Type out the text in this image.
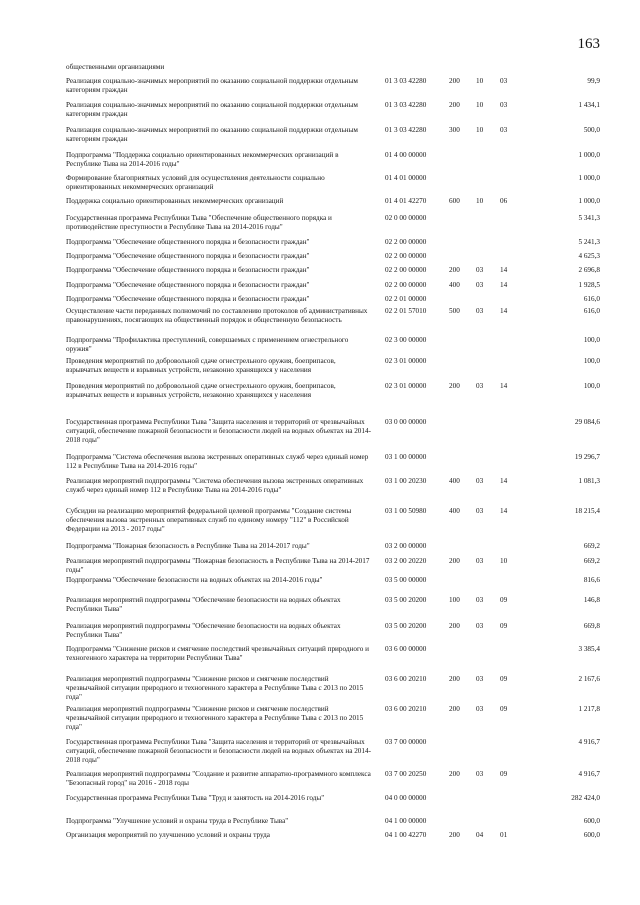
163
общественными организациями
Реализация социально-значимых мероприятий по оказанию социальной поддержки отдельным категориям граждан
01 3 03 42280	200	10	03	99,9
Реализация социально-значимых мероприятий по оказанию социальной поддержки отдельным категориям граждан
01 3 03 42280	200	10	03	1 434,1
Реализация социально-значимых мероприятий по оказанию социальной поддержки отдельным категориям граждан
01 3 03 42280	300	10	03	500,0
Подпрограмма "Поддержка социально ориентированных некоммерческих организаций в Республике Тыва на 2014-2016 годы"
01 4 00 00000	1 000,0
Формирование благоприятных условий для осуществления деятельности социально ориентированных некоммерческих организаций
01 4 01 00000	1 000,0
Поддержка социально ориентированных некоммерческих организаций	01 4 01 42270	600	10	06	1 000,0
Государственная программа Республики Тыва "Обеспечение общественного порядка и противодействие преступности в Республике Тыва на 2014-2016 годы"
02 0 00 00000	5 341,3
Подпрограмма "Обеспечение общественного порядка и безопасности граждан"	02 2 00 00000	5 241,3
Подпрограмма "Обеспечение общественного порядка и безопасности граждан"	02 2 00 00000	4 625,3
Подпрограмма "Обеспечение общественного порядка и безопасности граждан"	02 2 00 00000	200	03	14	2 696,8
Подпрограмма "Обеспечение общественного порядка и безопасности граждан"	02 2 00 00000	400	03	14	1 928,5
Подпрограмма "Обеспечение общественного порядка и безопасности граждан"	02 2 01 00000	616,0
Осуществление части переданных полномочий по составлению протоколов об административных правонарушениях, посягающих на общественный порядок и общественную безопасность
02 2 01 57010	500	03	14	616,0
Подпрограмма "Профилактика преступлений, совершаемых с применением огнестрельного оружия"
02 3 00 00000	100,0
Проведения мероприятий по добровольной сдаче огнестрельного оружия, боеприпасов, взрывчатых веществ и взрывных устройств, незаконно хранящихся у населения
02 3 01 00000	100,0
Проведения мероприятий по добровольной сдаче огнестрельного оружия, боеприпасов, взрывчатых веществ и взрывных устройств, незаконно хранящихся у населения
02 3 01 00000	200	03	14	100,0
Государственная программа Республики Тыва "Защита населения и территорий от чрезвычайных ситуаций, обеспечение пожарной безопасности и безопасности людей на водных объектах на 2014-2018 годы"
03 0 00 00000	29 084,6
Подпрограмма "Система обеспечения вызова экстренных оперативных служб через единый номер 112 в Республике Тыва на 2014-2016 годы"
03 1 00 00000	19 296,7
Реализация мероприятий подпрограммы "Система обеспечения вызова экстренных оперативных служб через единый номер 112 в Республике Тыва на 2014-2016 годы"
03 1 00 20230	400	03	14	1 081,3
Субсидии на реализацию мероприятий федеральной целевой программы "Создание системы обеспечения вызова экстренных оперативных служб по единому номеру "112" в Российской Федерации на 2013 - 2017 годы"
03 1 00 50980	400	03	14	18 215,4
Подпрограмма "Пожарная безопасность в Республике Тыва на 2014-2017 годы"	03 2 00 00000	669,2
Реализация мероприятий подпрограммы "Пожарная безопасность в Республике Тыва на 2014-2017 годы"
03 2 00 20220	200	03	10	669,2
Подпрограмма "Обеспечение безопасности на водных объектах на 2014-2016 годы"	03 5 00 00000	816,6
Реализация мероприятий подпрограммы "Обеспечение безопасности на водных объектах Республики Тыва"
03 5 00 20200	100	03	09	146,8
Реализация мероприятий подпрограммы "Обеспечение безопасности на водных объектах Республики Тыва"
03 5 00 20200	200	03	09	669,8
Подпрограмма "Снижение рисков и смягчение последствий чрезвычайных ситуаций природного и техногенного характера на территории Республики Тыва"
03 6 00 00000	3 385,4
Реализация мероприятий подпрограммы "Снижение рисков и смягчение последствий чрезвычайной ситуации природного и техногенного характера в Республике Тыва с 2013 по 2015 года"
03 6 00 20210	200	03	09	2 167,6
Реализация мероприятий подпрограммы "Снижение рисков и смягчение последствий чрезвычайной ситуации природного и техногенного характера в Республике Тыва с 2013 по 2015 года"
03 6 00 20210	200	03	09	1 217,8
Государственная программа Республики Тыва "Защита населения и территорий от чрезвычайных ситуаций, обеспечение пожарной безопасности и безопасности людей на водных объектах на 2014-2018 годы"
03 7 00 00000	4 916,7
Реализация мероприятий подпрограммы "Создание и развитие аппаратно-программного комплекса "Безопасный город" на 2016 - 2018 годы
03 7 00 20250	200	03	09	4 916,7
Государственная программа Республики Тыва "Труд и занятость на 2014-2016 годы"	04 0 00 00000	282 424,0
Подпрограмма "Улучшение условий и охраны труда в Республике Тыва"	04 1 00 00000	600,0
Организация мероприятий по улучшению условий и охраны труда	04 1 00 42270	200	04	01	600,0
